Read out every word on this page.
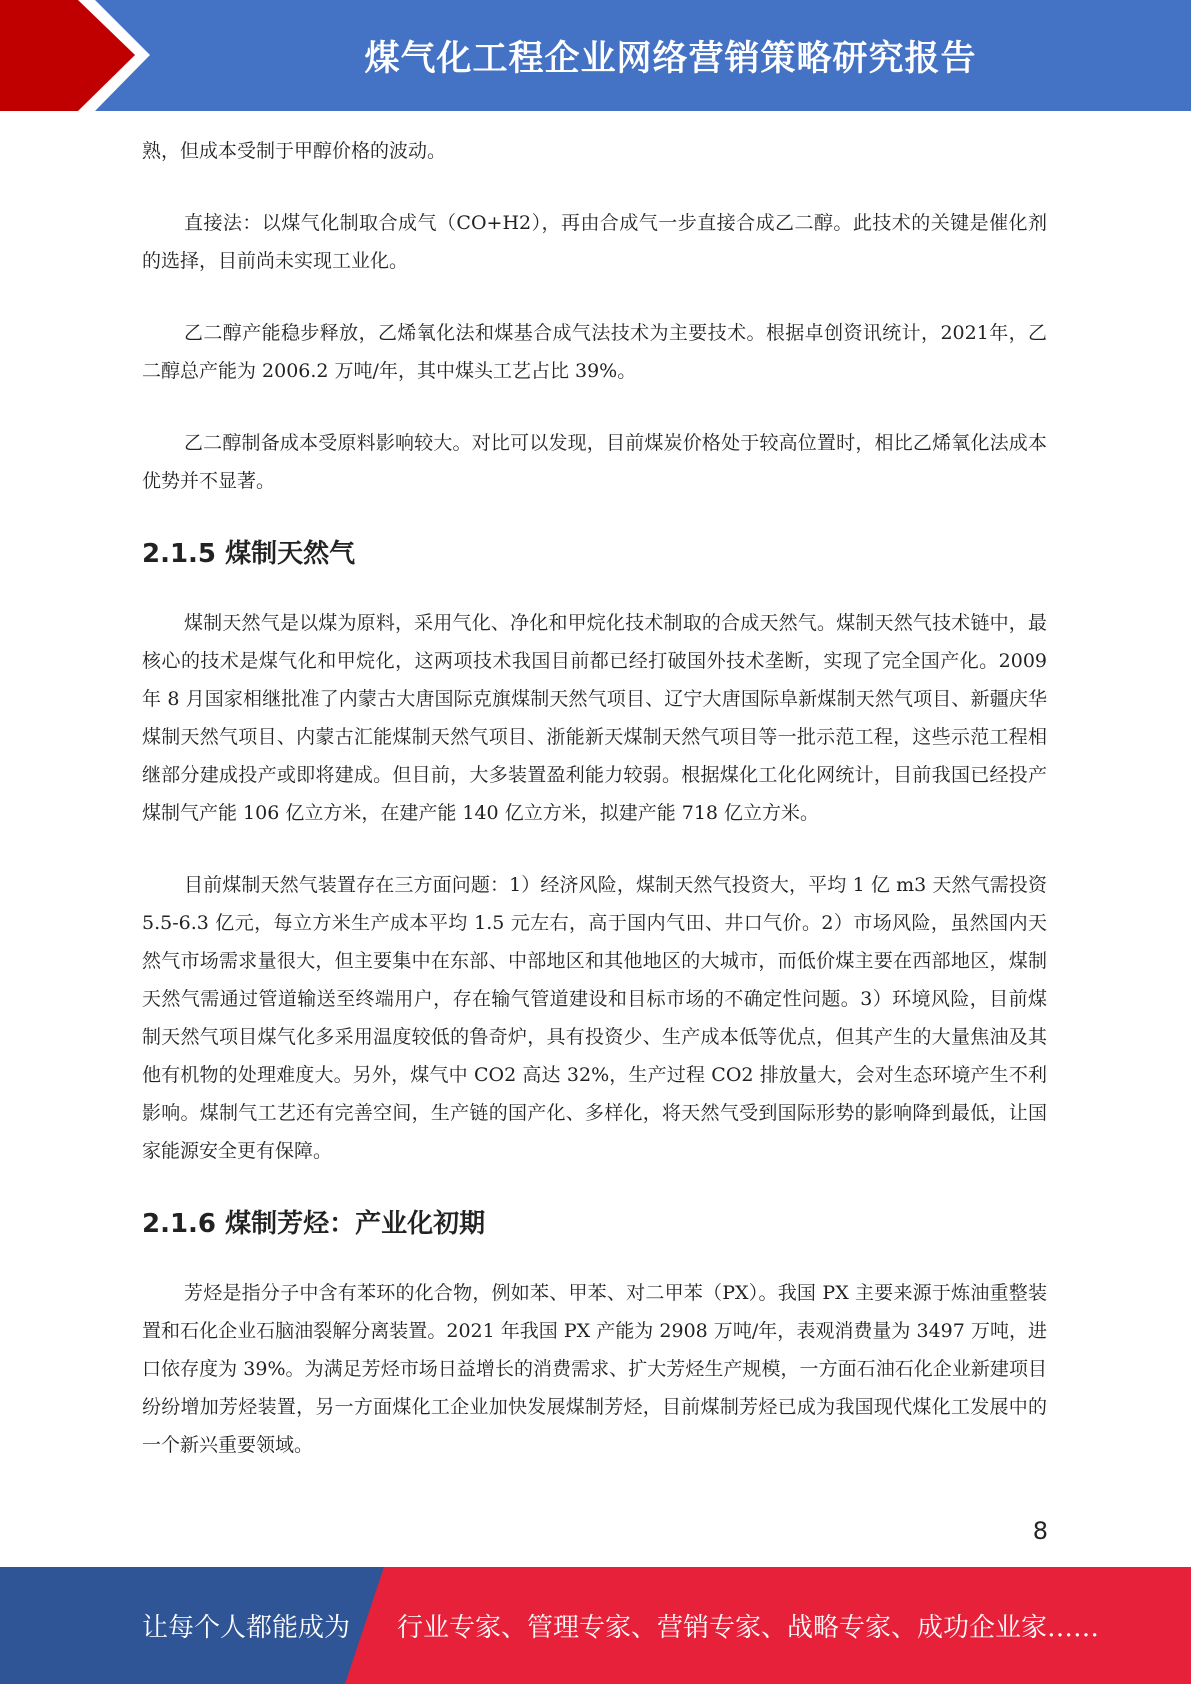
煤气化工程企业网络营销策略研究报告

熟，但成本受制于甲醇价格的波动。

直接法：以煤气化制取合成气（CO+H2），再由合成气一步直接合成乙二醇。此技术的关键是催化剂的选择，目前尚未实现工业化。

乙二醇产能稳步释放，乙烯氧化法和煤基合成气法技术为主要技术。根据卓创资讯统计，2021年，乙二醇总产能为 2006.2 万吨/年，其中煤头工艺占比 39%。

乙二醇制备成本受原料影响较大。对比可以发现，目前煤炭价格处于较高位置时，相比乙烯氧化法成本优势并不显著。

2.1.5 煤制天然气

煤制天然气是以煤为原料，采用气化、净化和甲烷化技术制取的合成天然气。煤制天然气技术链中，最核心的技术是煤气化和甲烷化，这两项技术我国目前都已经打破国外技术垄断，实现了完全国产化。2009 年 8 月国家相继批准了内蒙古大唐国际克旗煤制天然气项目、辽宁大唐国际阜新煤制天然气项目、新疆庆华煤制天然气项目、内蒙古汇能煤制天然气项目、浙能新天煤制天然气项目等一批示范工程，这些示范工程相继部分建成投产或即将建成。但目前，大多装置盈利能力较弱。根据煤化工化化网统计，目前我国已经投产煤制气产能 106 亿立方米，在建产能 140 亿立方米，拟建产能 718 亿立方米。

目前煤制天然气装置存在三方面问题：1）经济风险，煤制天然气投资大，平均 1 亿 m3 天然气需投资 5.5-6.3 亿元，每立方米生产成本平均 1.5 元左右，高于国内气田、井口气价。2）市场风险，虽然国内天然气市场需求量很大，但主要集中在东部、中部地区和其他地区的大城市，而低价煤主要在西部地区，煤制天然气需通过管道输送至终端用户，存在输气管道建设和目标市场的不确定性问题。3）环境风险，目前煤制天然气项目煤气化多采用温度较低的鲁奇炉，具有投资少、生产成本低等优点，但其产生的大量焦油及其他有机物的处理难度大。另外，煤气中 CO2 高达 32%，生产过程 CO2 排放量大，会对生态环境产生不利影响。煤制气工艺还有完善空间，生产链的国产化、多样化，将天然气受到国际形势的影响降到最低，让国家能源安全更有保障。

2.1.6 煤制芳烃：产业化初期

芳烃是指分子中含有苯环的化合物，例如苯、甲苯、对二甲苯（PX）。我国 PX 主要来源于炼油重整装置和石化企业石脑油裂解分离装置。2021 年我国 PX 产能为 2908 万吨/年，表观消费量为 3497 万吨，进口依存度为 39%。为满足芳烃市场日益增长的消费需求、扩大芳烃生产规模，一方面石油石化企业新建项目纷纷增加芳烃装置，另一方面煤化工企业加快发展煤制芳烃，目前煤制芳烃已成为我国现代煤化工发展中的一个新兴重要领域。

8
让每个人都能成为 行业专家、管理专家、营销专家、战略专家、成功企业家……
